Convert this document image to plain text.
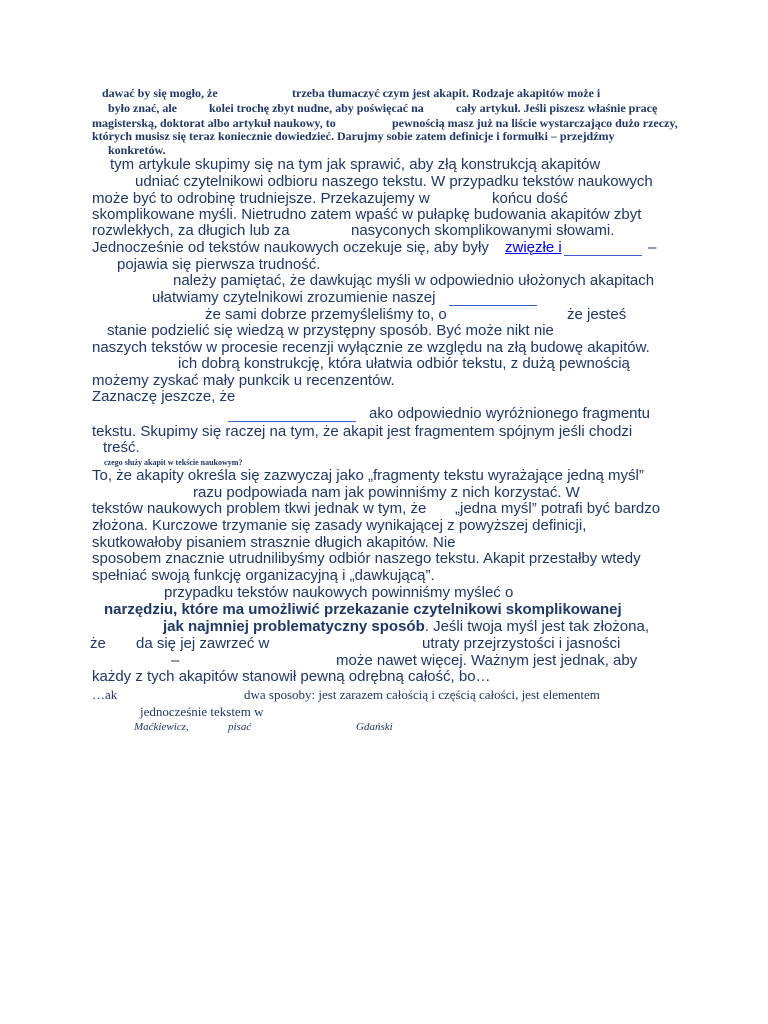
dawać by się mogło, że	trzeba tłumaczyć czym jest akapit. Rodzaje akapitów może i
było znać, ale	kolei trochę zbyt nudne, aby poświęcać na	cały artykuł. Jeśli piszesz właśnie pracę
magisterską, doktorat albo artykuł naukowy, to	pewnością masz już na liście wystarczająco dużo rzeczy,
których musisz się teraz koniecznie dowiedzieć. Darujmy sobie zatem definicje i formułki – przejdźmy
konkretów.
tym artykule skupimy się na tym jak sprawić, aby złą konstrukcją akapitów
udniać czytelnikowi odbioru naszego tekstu. W przypadku tekstów naukowych
może być to odrobinę trudniejsze. Przekazujemy w	końcu dość
skomplikowane myśli. Nietrudno zatem wpaść w pułapkę budowania akapitów zbyt
rozwlekłych, za długich lub za	nasyconych skomplikowanymi słowami.
Jednocześnie od tekstów naukowych oczekuje się, aby były zwięzłe i	–
pojawia się pierwsza trudność.
należy pamiętać, że dawkując myśli w odpowiednio ułożonych akapitach
ułatwiamy czytelnikowi zrozumienie naszej
że sami dobrze przemyśleliśmy to, o	że jesteś
stanie podzielić się wiedzą w przystępny sposób. Być może nikt nie
naszych tekstów w procesie recenzji wyłącznie ze względu na złą budowę akapitów.
ich dobrą konstrukcję, która ułatwia odbiór tekstu, z dużą pewnością
możemy zyskać mały punkcik u recenzentów.
Zaznaczę jeszcze, że
ako odpowiednio wyróżnionego fragmentu
tekstu. Skupimy się raczej na tym, że akapit jest fragmentem spójnym jeśli chodzi
treść.
czego służy akapit w tekście naukowym?
To, że akapity określa się zazwyczaj jako „fragmenty tekstu wyrażające jedną myśl”
razu podpowiada nam jak powinniśmy z nich korzystać. W
tekstów naukowych problem tkwi jednak w tym, że „jedna myśl” potrafi być bardzo
złożona. Kurczowe trzymanie się zasady wynikającej z powyższej definicji,
skutkowałoby pisaniem strasznie długich akapitów. Nie
sposobem znacznie utrudnilibyśmy odbiór naszego tekstu. Akapit przestałby wtedy
spełniać swoją funkcję organizacyjną i „dawkującą”.
przypadku tekstów naukowych powinniśmy myśleć o
narzędziu, które ma umożliwić przekazanie czytelnikowi skomplikowanej
jak najmniej problematyczny sposób. Jeśli twoja myśl jest tak złożona,
że da się jej zawrzeć w	utraty przejrzystości i jasności
–	może nawet więcej. Ważnym jest jednak, aby
każdy z tych akapitów stanowił pewną odrębną całość, bo…
…ak	dwa sposoby: jest zarazem całością i częścią całości, jest elementem
jednocześnie tekstem w
Maćkiewicz,	pisać	Gdański
